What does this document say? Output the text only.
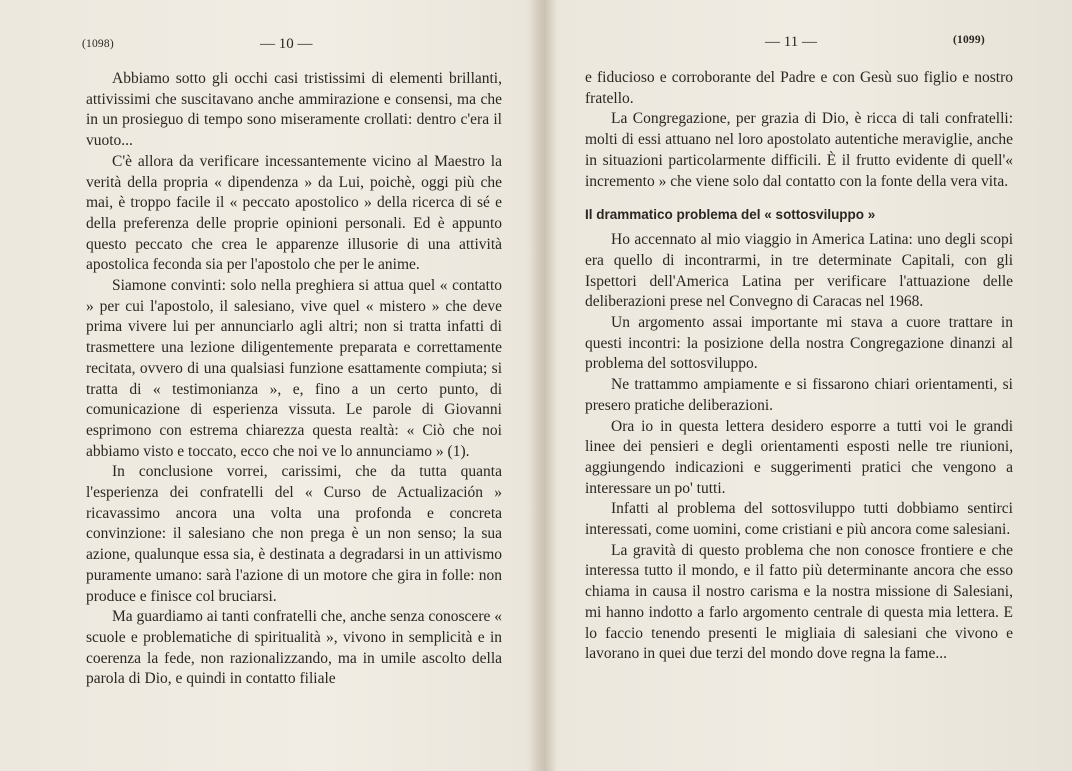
(1098)	— 10 —

Abbiamo sotto gli occhi casi tristissimi di elementi brillanti, attivissimi che suscitavano anche ammirazione e consensi, ma che in un prosieguo di tempo sono miseramente crollati: dentro c'era il vuoto...

C'è allora da verificare incessantemente vicino al Maestro la verità della propria « dipendenza » da Lui, poichè, oggi più che mai, è troppo facile il « peccato apostolico » della ricerca di sé e della preferenza delle proprie opinioni personali. Ed è appunto questo peccato che crea le apparenze illusorie di una attività apostolica feconda sia per l'apostolo che per le anime.

Siamone convinti: solo nella preghiera si attua quel « contatto » per cui l'apostolo, il salesiano, vive quel « mistero » che deve prima vivere lui per annunciarlo agli altri; non si tratta infatti di trasmettere una lezione diligentemente preparata e correttamente recitata, ovvero di una qualsiasi funzione esattamente compiuta; si tratta di « testimonianza », e, fino a un certo punto, di comunicazione di esperienza vissuta. Le parole di Giovanni esprimono con estrema chiarezza questa realtà: « Ciò che noi abbiamo visto e toccato, ecco che noi ve lo annunciamo » (1).

In conclusione vorrei, carissimi, che da tutta quanta l'esperienza dei confratelli del « Curso de Actualización » ricavassimo ancora una volta una profonda e concreta convinzione: il salesiano che non prega è un non senso; la sua azione, qualunque essa sia, è destinata a degradarsi in un attivismo puramente umano: sarà l'azione di un motore che gira in folle: non produce e finisce col bruciarsi.

Ma guardiamo ai tanti confratelli che, anche senza conoscere « scuole e problematiche di spiritualità », vivono in semplicità e in coerenza la fede, non razionalizzando, ma in umile ascolto della parola di Dio, e quindi in contatto filiale

— 11 —	(1099)

e fiducioso e corroborante del Padre e con Gesù suo figlio e nostro fratello.

La Congregazione, per grazia di Dio, è ricca di tali confratelli: molti di essi attuano nel loro apostolato autentiche meraviglie, anche in situazioni particolarmente difficili. È il frutto evidente di quell'« incremento » che viene solo dal contatto con la fonte della vera vita.

Il drammatico problema del « sottosviluppo »

Ho accennato al mio viaggio in America Latina: uno degli scopi era quello di incontrarmi, in tre determinate Capitali, con gli Ispettori dell'America Latina per verificare l'attuazione delle deliberazioni prese nel Convegno di Caracas nel 1968.

Un argomento assai importante mi stava a cuore trattare in questi incontri: la posizione della nostra Congregazione dinanzi al problema del sottosviluppo.

Ne trattammo ampiamente e si fissarono chiari orientamenti, si presero pratiche deliberazioni.

Ora io in questa lettera desidero esporre a tutti voi le grandi linee dei pensieri e degli orientamenti esposti nelle tre riunioni, aggiungendo indicazioni e suggerimenti pratici che vengono a interessare un po' tutti.

Infatti al problema del sottosviluppo tutti dobbiamo sentirci interessati, come uomini, come cristiani e più ancora come salesiani.

La gravità di questo problema che non conosce frontiere e che interessa tutto il mondo, e il fatto più determinante ancora che esso chiama in causa il nostro carisma e la nostra missione di Salesiani, mi hanno indotto a farlo argomento centrale di questa mia lettera. E lo faccio tenendo presenti le migliaia di salesiani che vivono e lavorano in quei due terzi del mondo dove regna la fame...
